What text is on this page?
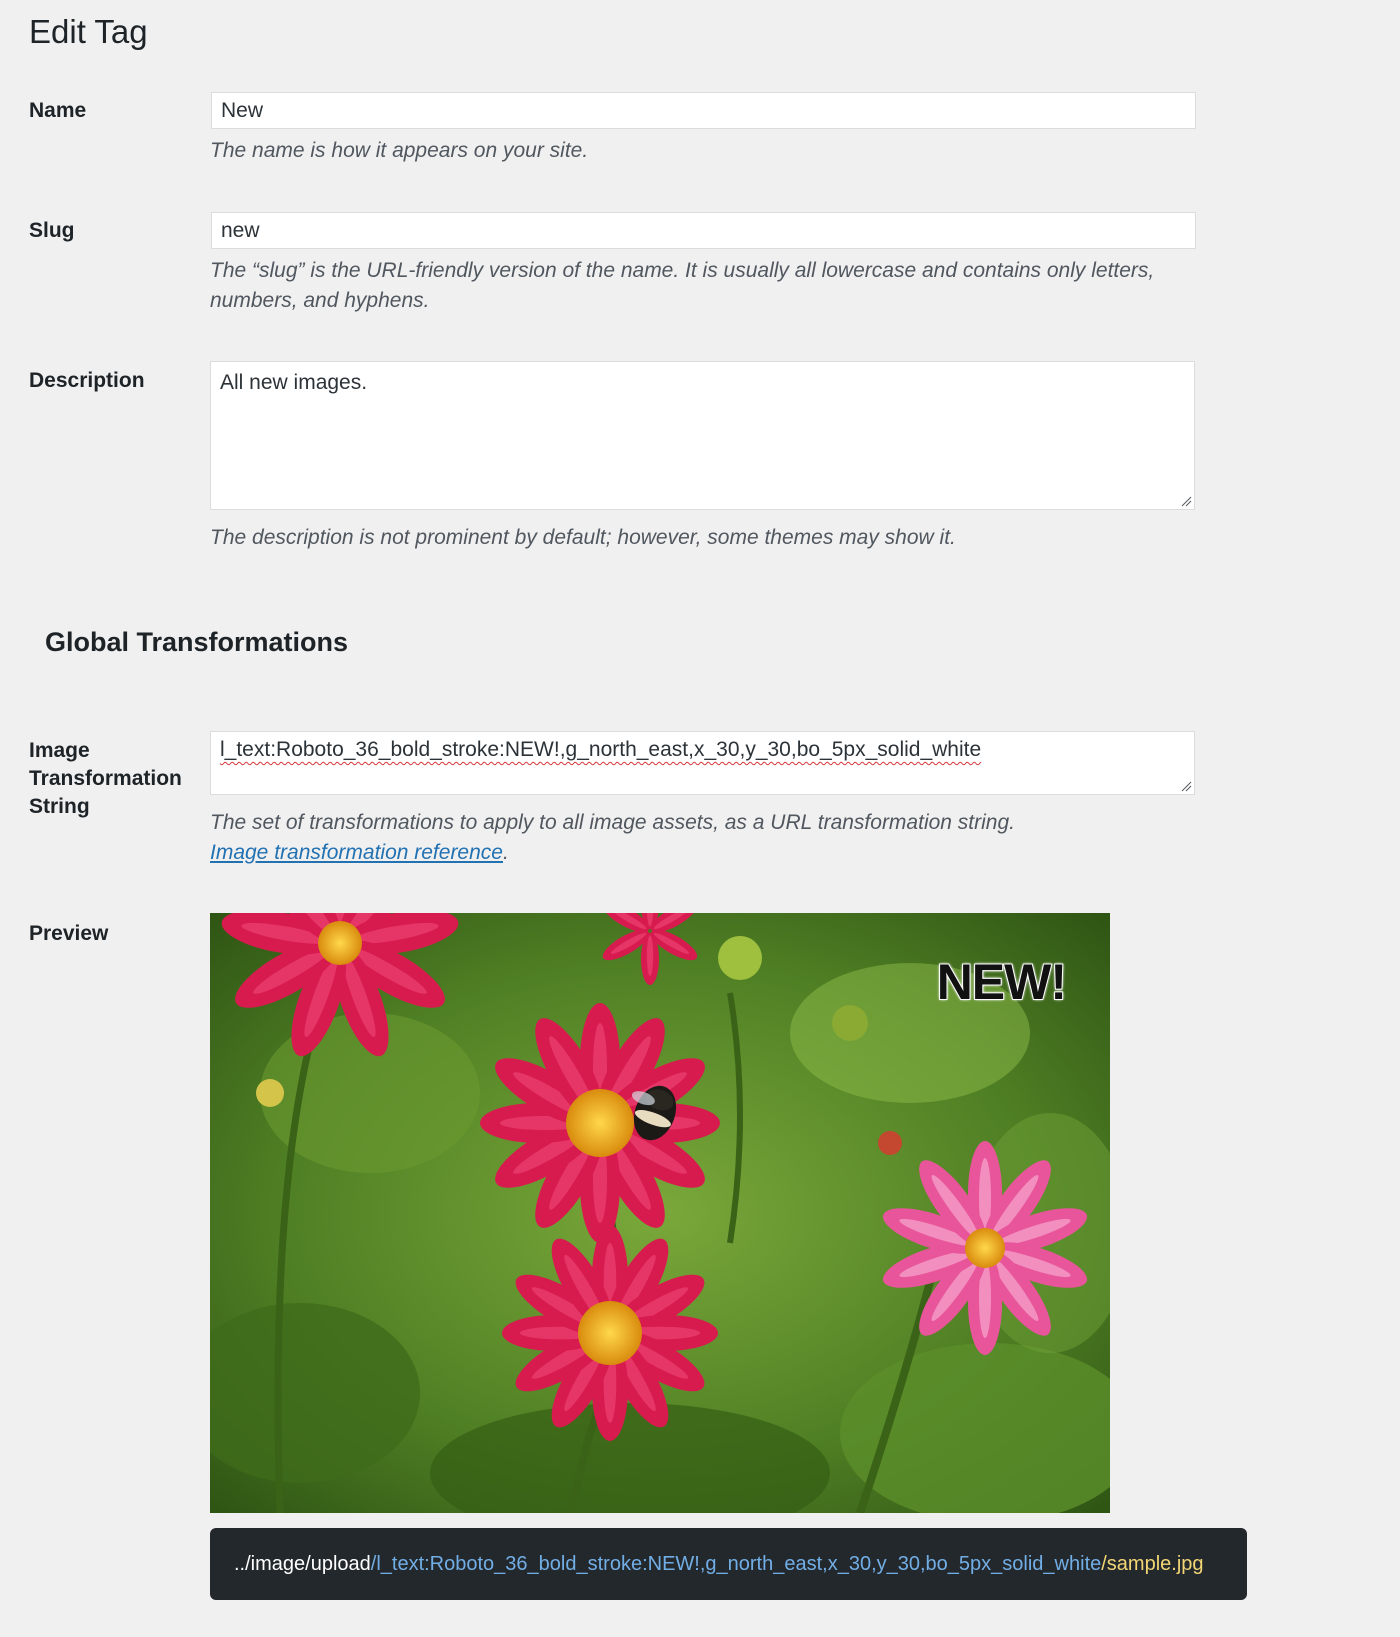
Edit Tag
Name
New

The name is how it appears on your site.

Slug
new

The “slug” is the URL-friendly version of the name. It is usually all lowercase and contains only letters, numbers, and hyphens.

Description	All new images.

The description is not prominent by default; however, some themes may show it.

Global Transformations
Image Transformation String
l_text:Roboto_36_bold_stroke:NEW!,g_north_east,x_30,y_30,bo_5px_solid_white

The set of transformations to apply to all image assets, as a URL transformation string.
Image transformation reference.

Preview
NEW!
../image/upload /l_text:Roboto_36_bold_stroke:NEW!,g_north_east,x_30,y_30,bo_5px_solid_white /sample.jpg
